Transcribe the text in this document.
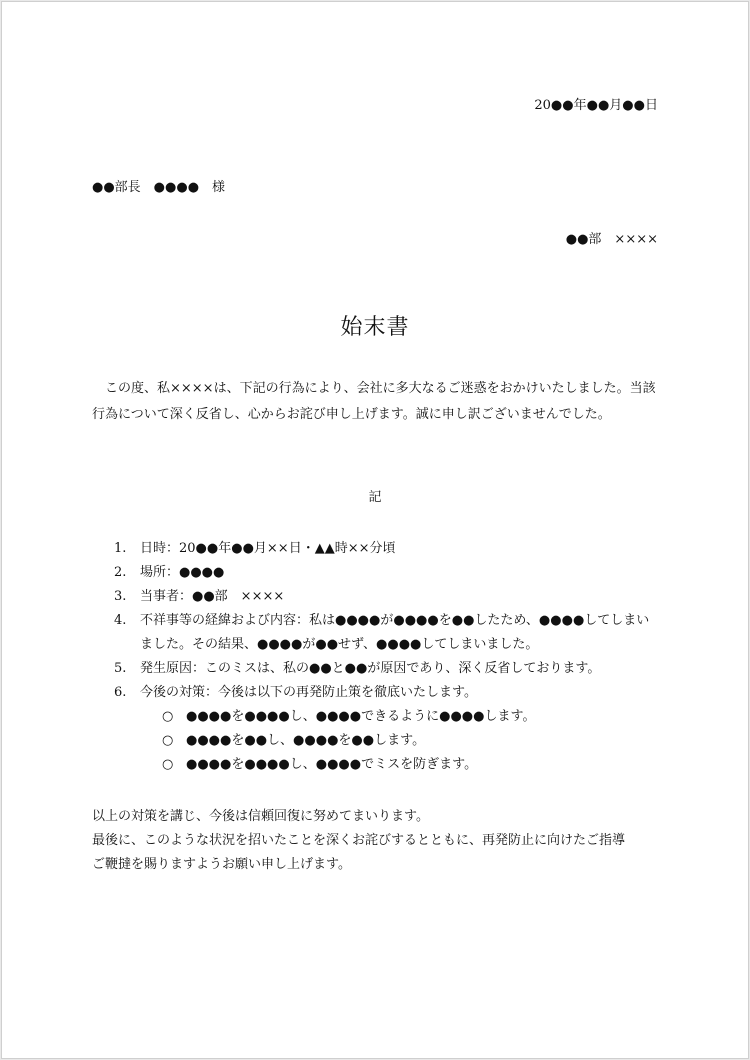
20●●年●●月●●日
●●部長　●●●●　様
●●部　××××
始末書
この度、私××××は、下記の行為により、会社に多大なるご迷惑をおかけいたしました。当該行為について深く反省し、心からお詫び申し上げます。誠に申し訳ございませんでした。
記
1.	日時：20●●年●●月××日・▲▲時××分頃
2.	場所：●●●●
3.	当事者：●●部　××××
4.	不祥事等の経緯および内容：私は●●●●が●●●●を●●したため、●●●●してしまいました。その結果、●●●●が●●せず、●●●●してしまいました。
5.	発生原因：このミスは、私の●●と●●が原因であり、深く反省しております。
6.	今後の対策：今後は以下の再発防止策を徹底いたします。
○ ●●●●を●●●●し、●●●●できるように●●●●します。
○ ●●●●を●●し、●●●●を●●します。
○ ●●●●を●●●●し、●●●●でミスを防ぎます。
以上の対策を講じ、今後は信頼回復に努めてまいります。
最後に、このような状況を招いたことを深くお詫びするとともに、再発防止に向けたご指導
ご鞭撻を賜りますようお願い申し上げます。
